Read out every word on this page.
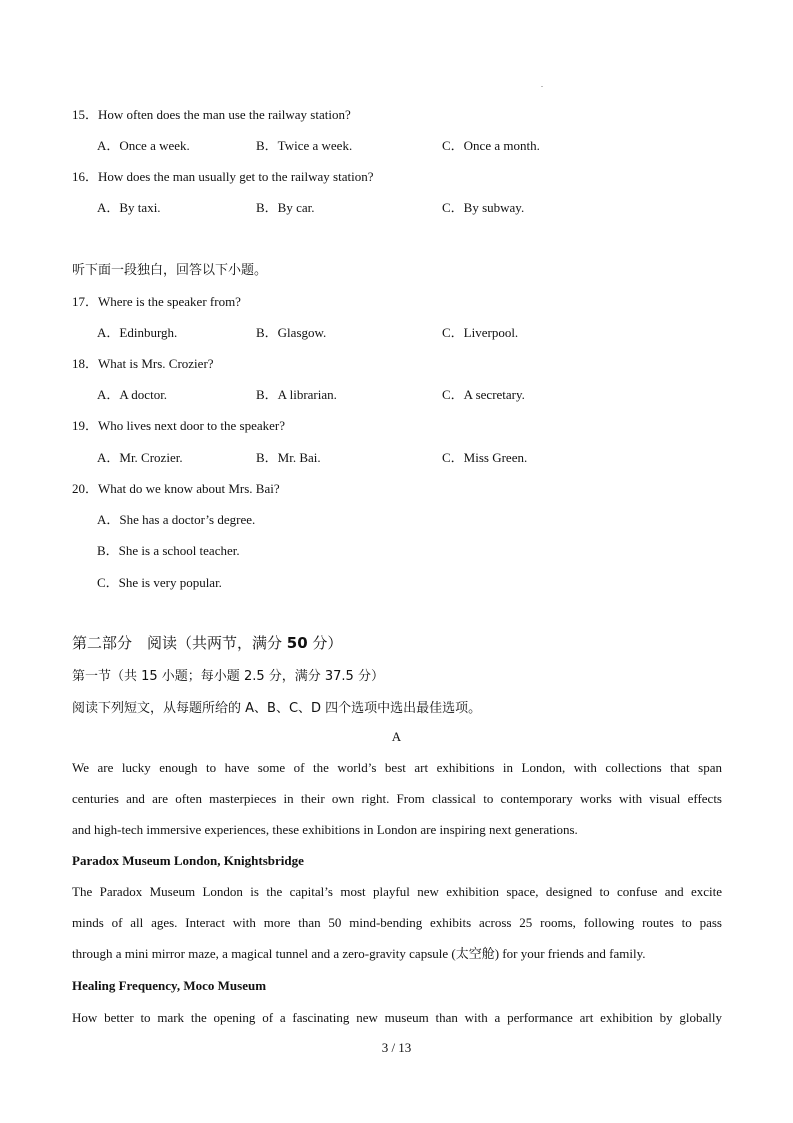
15．How often does the man use the railway station?
A．Once a week.	B．Twice a week.	C．Once a month.
16．How does the man usually get to the railway station?
A．By taxi.	B．By car.	C．By subway.
听下面一段独白，回答以下小题。
17．Where is the speaker from?
A．Edinburgh.	B．Glasgow.	C．Liverpool.
18．What is Mrs. Crozier?
A．A doctor.	B．A librarian.	C．A secretary.
19．Who lives next door to the speaker?
A．Mr. Crozier.	B．Mr. Bai.	C．Miss Green.
20．What do we know about Mrs. Bai?
A．She has a doctor’s degree.
B．She is a school teacher.
C．She is very popular.
第二部分　阅读（共两节，满分 50 分）
第一节（共 15 小题；每小题 2.5 分，满分 37.5 分）
阅读下列短文，从每题所给的 A、B、C、D 四个选项中选出最佳选项。
A
We are lucky enough to have some of the world’s best art exhibitions in London, with collections that span
centuries and are often masterpieces in their own right. From classical to contemporary works with visual effects
and high-tech immersive experiences, these exhibitions in London are inspiring next generations.
Paradox Museum London, Knightsbridge
The Paradox Museum London is the capital’s most playful new exhibition space, designed to confuse and excite
minds of all ages. Interact with more than 50 mind-bending exhibits across 25 rooms, following routes to pass
through a mini mirror maze, a magical tunnel and a zero-gravity capsule (太空舱) for your friends and family.
Healing Frequency, Moco Museum
How better to mark the opening of a fascinating new museum than with a performance art exhibition by globally
3 / 13
